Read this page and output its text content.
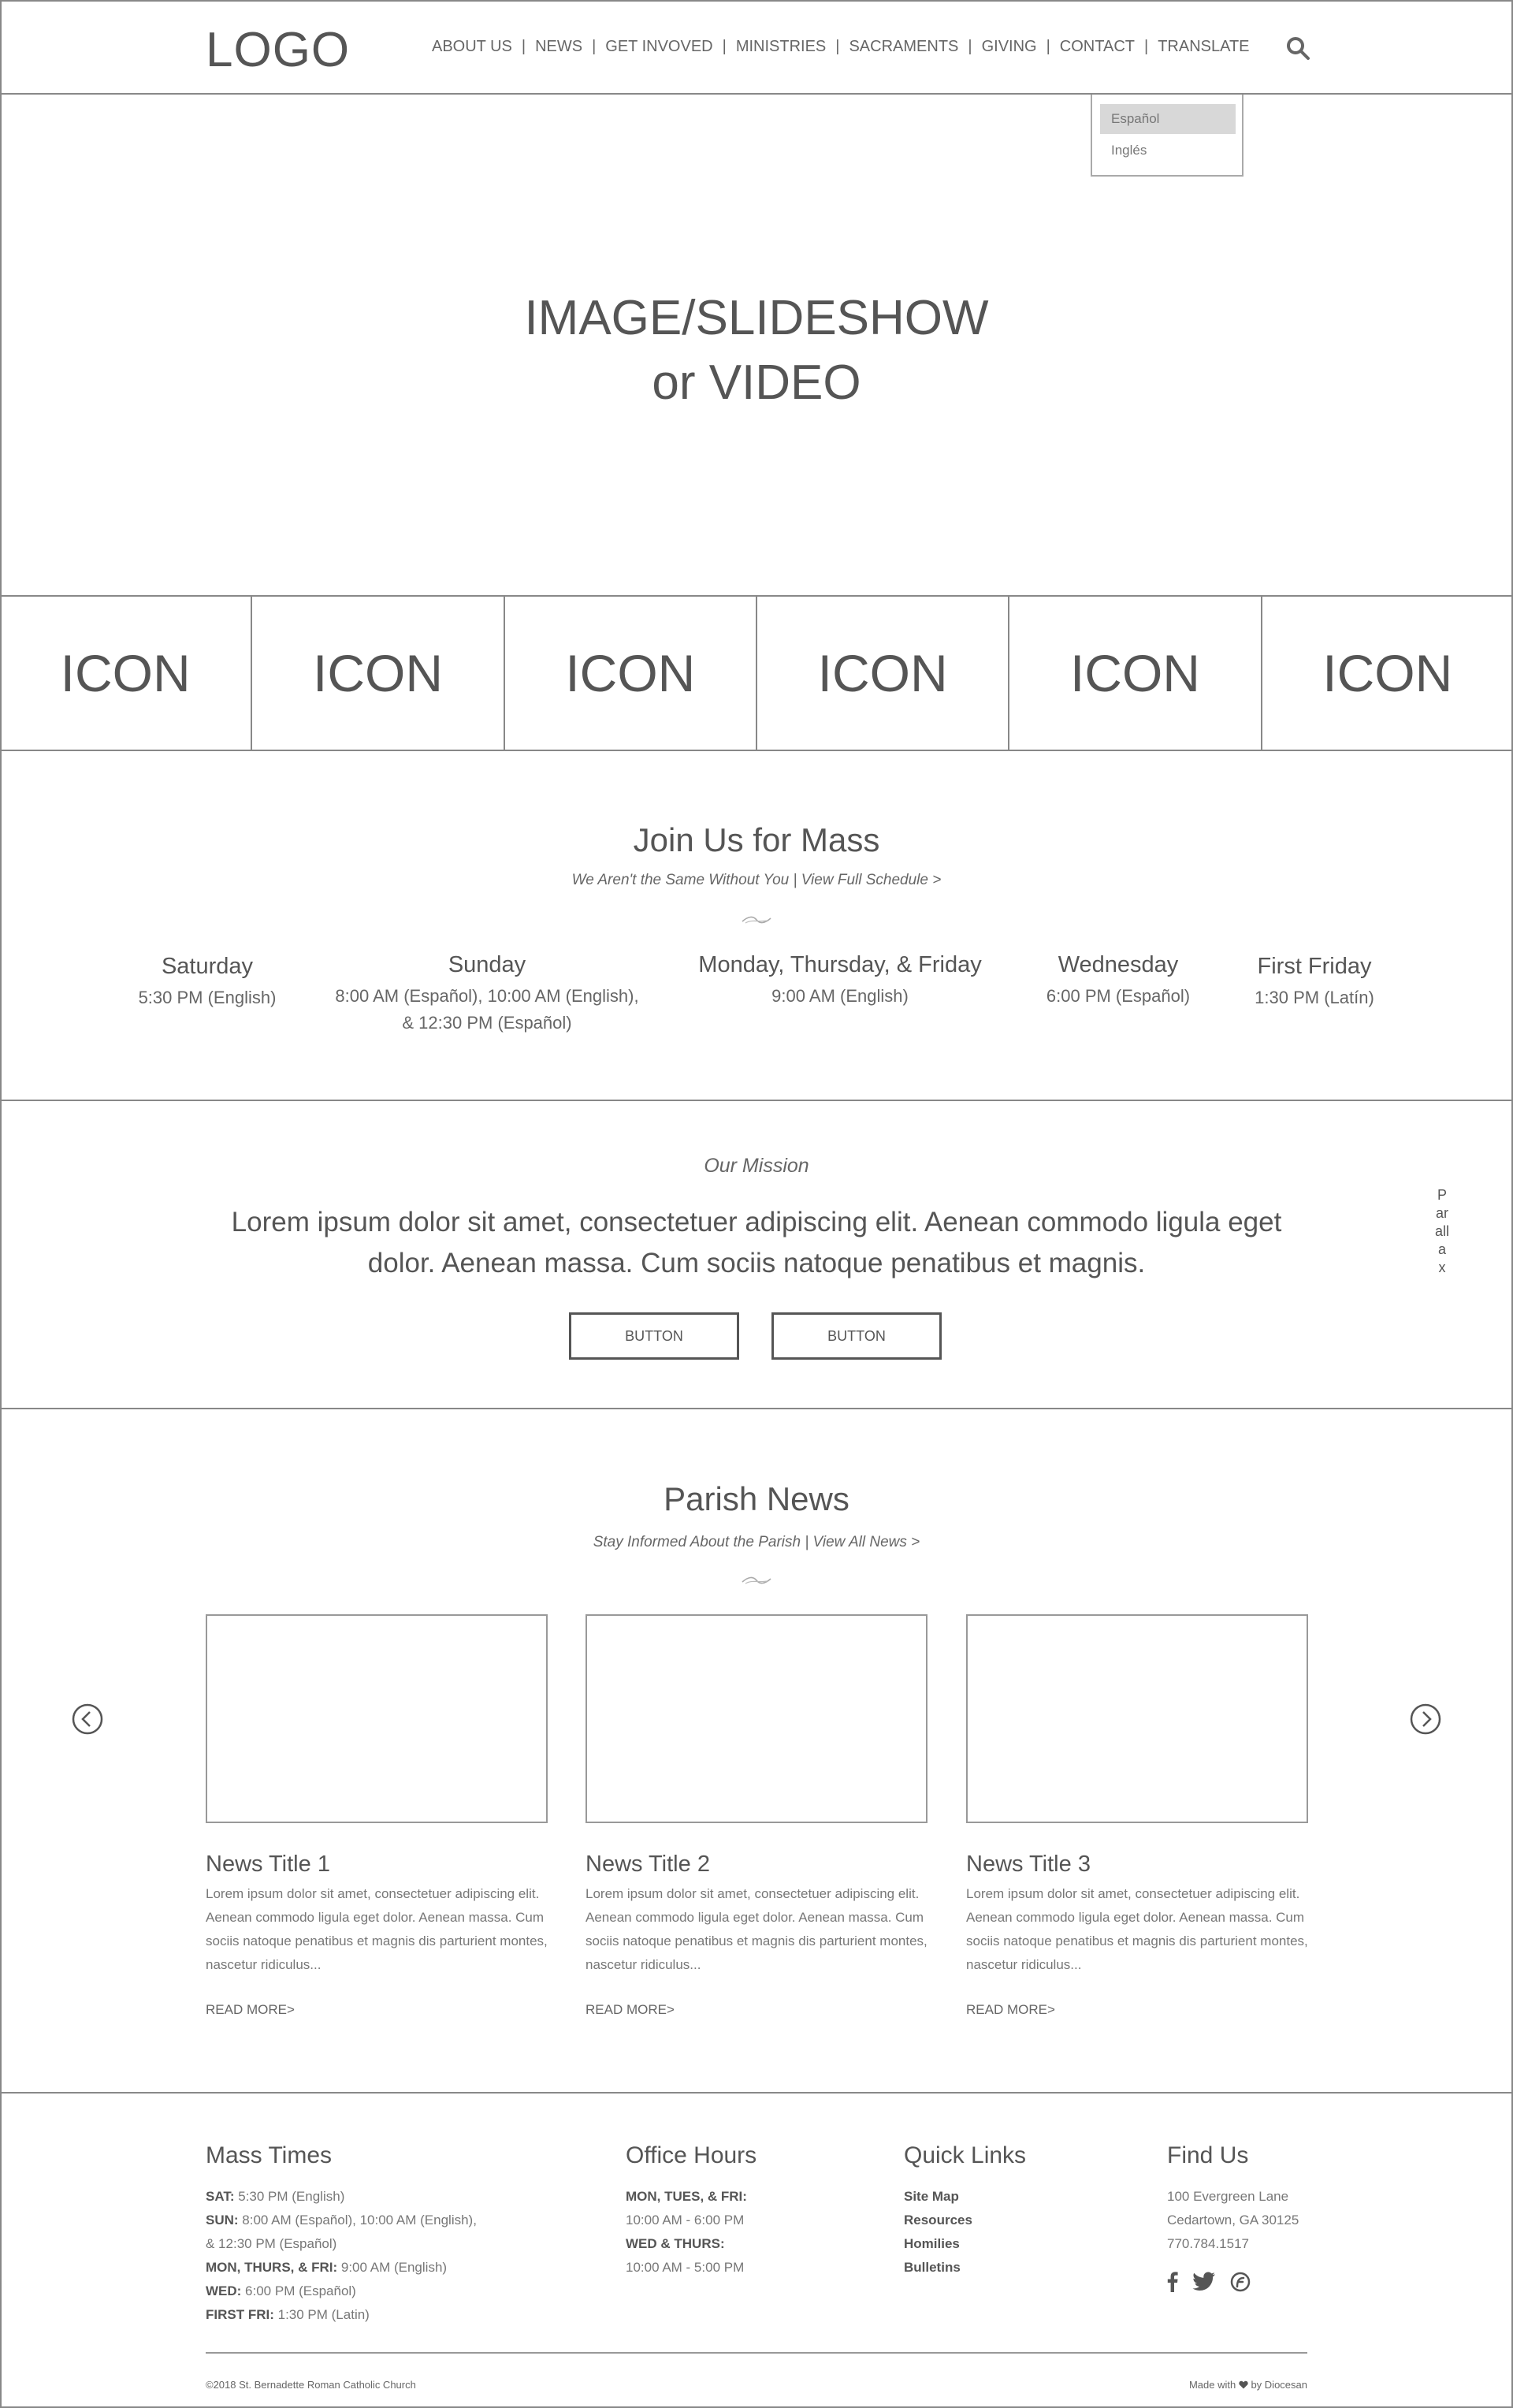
LOGO	ABOUT US | NEWS | GET INVOVED | MINISTRIES | SACRAMENTS | GIVING | CONTACT | TRANSLATE
IMAGE/SLIDESHOW
or VIDEO
Español
Inglés
ICON	ICON	ICON	ICON	ICON	ICON
Join Us for Mass
We Aren't the Same Without You | View Full Schedule >
Saturday
5:30 PM (English)
Sunday
8:00 AM (Español), 10:00 AM (English),
& 12:30 PM (Español)
Monday, Thursday, & Friday
9:00 AM (English)
Wednesday
6:00 PM (Español)
First Friday
1:30 PM (Latín)
Our Mission
Lorem ipsum dolor sit amet, consectetuer adipiscing elit. Aenean commodo ligula eget dolor. Aenean massa. Cum sociis natoque penatibus et magnis.
BUTTON	BUTTON
Parallax
Parish News
Stay Informed About the Parish | View All News >
News Title 1
Lorem ipsum dolor sit amet, consectetuer adipiscing elit. Aenean commodo ligula eget dolor. Aenean massa. Cum sociis natoque penatibus et magnis dis parturient montes, nascetur ridiculus...
READ MORE>
News Title 2
Lorem ipsum dolor sit amet, consectetuer adipiscing elit. Aenean commodo ligula eget dolor. Aenean massa. Cum sociis natoque penatibus et magnis dis parturient montes, nascetur ridiculus...
READ MORE>
News Title 3
Lorem ipsum dolor sit amet, consectetuer adipiscing elit. Aenean commodo ligula eget dolor. Aenean massa. Cum sociis natoque penatibus et magnis dis parturient montes, nascetur ridiculus...
READ MORE>
Mass Times
SAT: 5:30 PM (English)
SUN: 8:00 AM (Español), 10:00 AM (English),
& 12:30 PM (Español)
MON, THURS, & FRI: 9:00 AM (English)
WED: 6:00 PM (Español)
FIRST FRI: 1:30 PM (Latin)
Office Hours
MON, TUES, & FRI:
10:00 AM - 6:00 PM
WED & THURS:
10:00 AM - 5:00 PM
Quick Links
Site Map
Resources
Homilies
Bulletins
Find Us
100 Evergreen Lane
Cedartown, GA 30125
770.784.1517
©2018 St. Bernadette Roman Catholic Church	Made with by Diocesan
